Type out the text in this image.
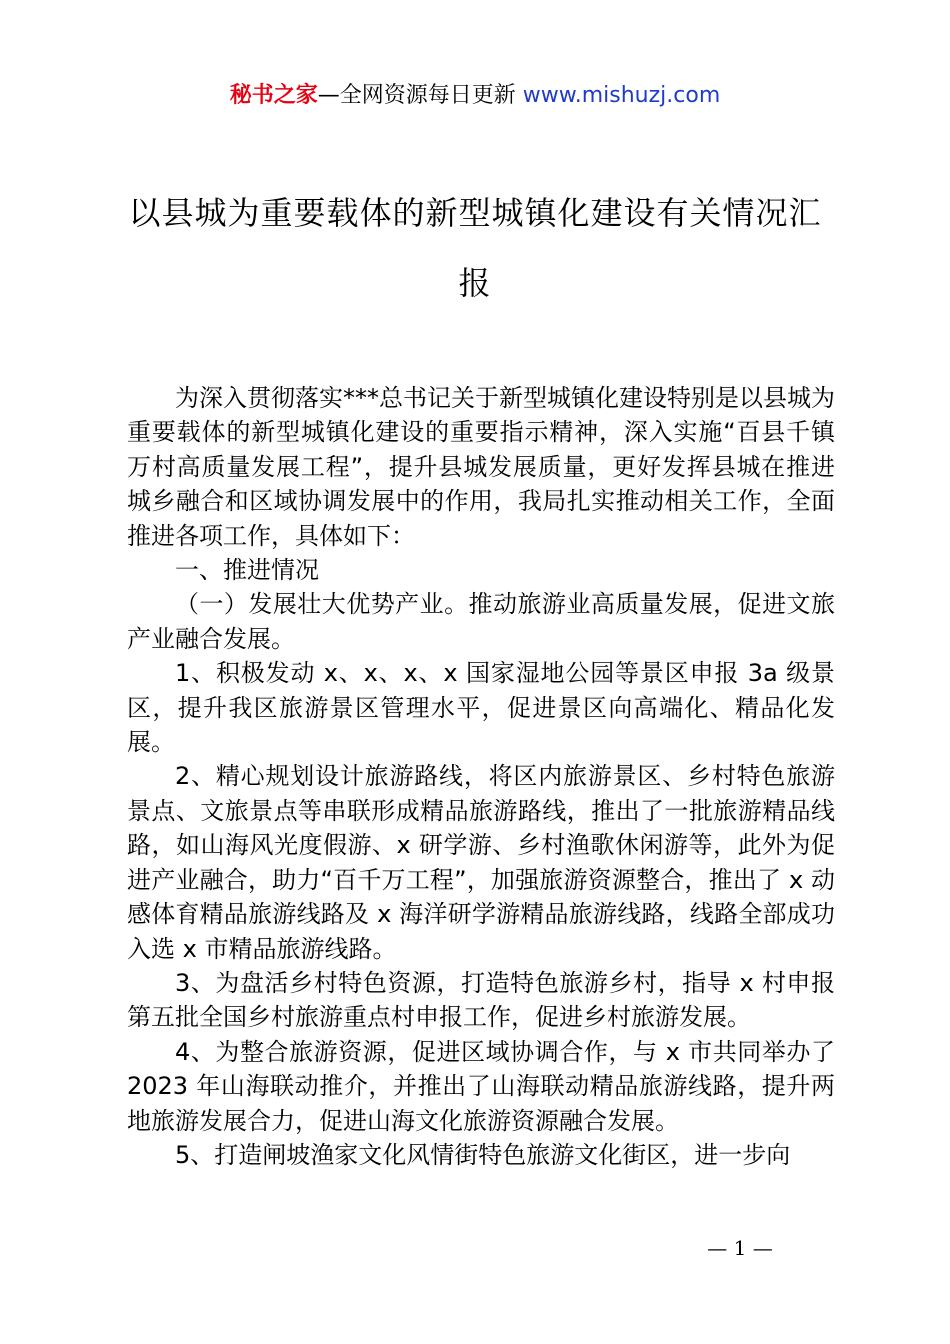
秘书之家—全网资源每日更新 www.mishuzj.com
以县城为重要载体的新型城镇化建设有关情况汇报

为深入贯彻落实***总书记关于新型城镇化建设特别是以县城为重要载体的新型城镇化建设的重要指示精神，深入实施“百县千镇万村高质量发展工程”，提升县城发展质量，更好发挥县城在推进城乡融合和区域协调发展中的作用，我局扎实推动相关工作，全面推进各项工作，具体如下：

一、推进情况

（一）发展壮大优势产业。推动旅游业高质量发展，促进文旅产业融合发展。

1、积极发动 x、x、x、x 国家湿地公园等景区申报 3a 级景区，提升我区旅游景区管理水平，促进景区向高端化、精品化发展。

2、精心规划设计旅游路线，将区内旅游景区、乡村特色旅游景点、文旅景点等串联形成精品旅游路线，推出了一批旅游精品线路，如山海风光度假游、x 研学游、乡村渔歌休闲游等，此外为促进产业融合，助力“百千万工程”，加强旅游资源整合，推出了 x 动感体育精品旅游线路及 x 海洋研学游精品旅游线路，线路全部成功入选 x 市精品旅游线路。

3、为盘活乡村特色资源，打造特色旅游乡村，指导 x 村申报第五批全国乡村旅游重点村申报工作，促进乡村旅游发展。

4、为整合旅游资源，促进区域协调合作，与 x 市共同举办了 2023 年山海联动推介，并推出了山海联动精品旅游线路，提升两地旅游发展合力，促进山海文化旅游资源融合发展。

5、打造闸坡渔家文化风情街特色旅游文化街区，进一步向

— 1 —
